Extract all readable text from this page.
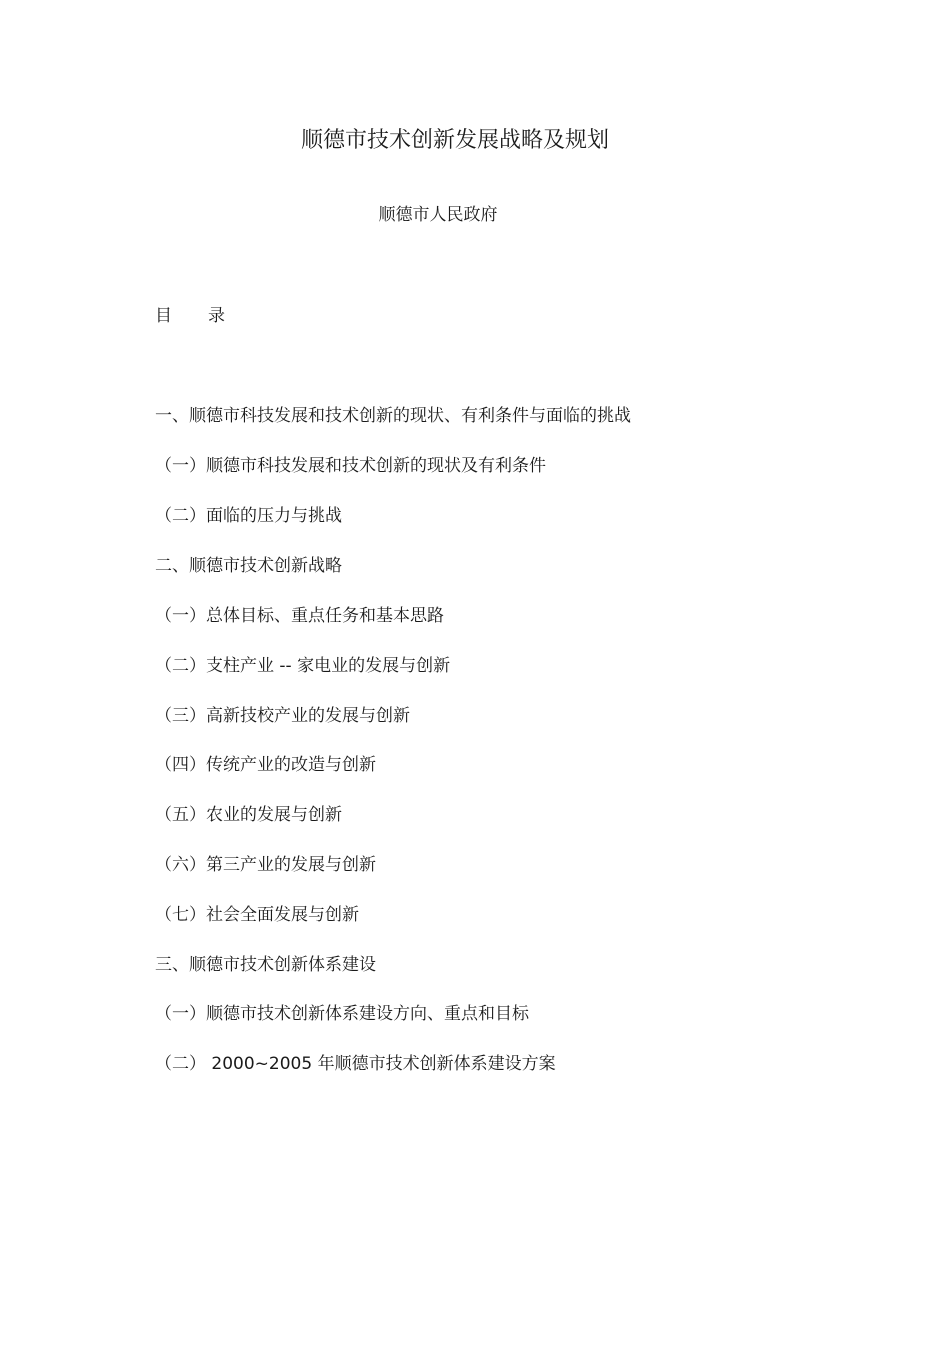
顺德市技术创新发展战略及规划
顺德市人民政府
目 录
一、顺德市科技发展和技术创新的现状、有利条件与面临的挑战
（一）顺德市科技发展和技术创新的现状及有利条件
（二）面临的压力与挑战
二、顺德市技术创新战略
（一）总体目标、重点任务和基本思路
（二）支柱产业 -- 家电业的发展与创新
（三）高新技校产业的发展与创新
（四）传统产业的改造与创新
（五）农业的发展与创新
（六）第三产业的发展与创新
（七）社会全面发展与创新
三、顺德市技术创新体系建设
（一）顺德市技术创新体系建设方向、重点和目标
（二） 2000~2005 年顺德市技术创新体系建设方案
